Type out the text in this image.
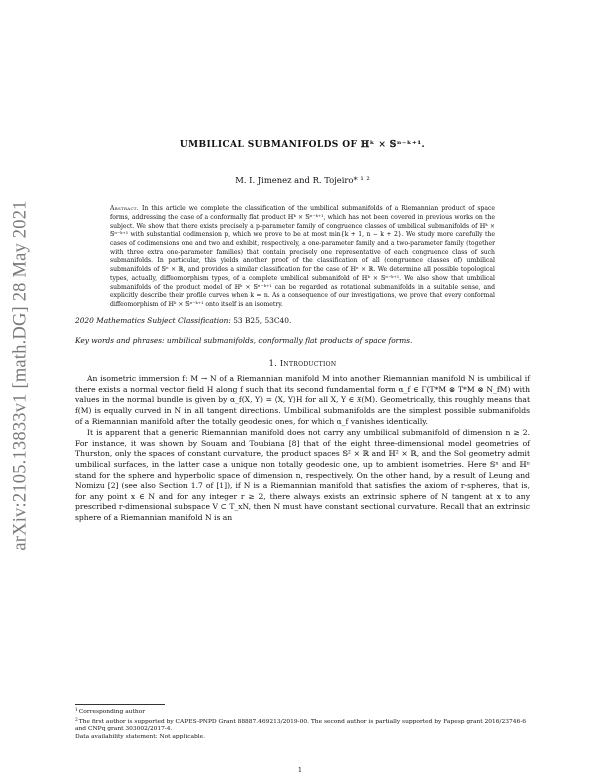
arXiv:2105.13833v1 [math.DG] 28 May 2021
UMBILICAL SUBMANIFOLDS OF ℍᵏ × 𝕊ⁿ⁻ᵏ⁺¹.
M. I. Jimenez and R. Tojeiro* ¹ ²
Abstract. In this article we complete the classification of the umbilical submanifolds of a Riemannian product of space forms, addressing the case of a conformally flat product ℍᵏ × 𝕊ⁿ⁻ᵏ⁺¹, which has not been covered in previous works on the subject. We show that there exists precisely a p-parameter family of congruence classes of umbilical submanifolds of ℍᵏ × 𝕊ⁿ⁻ᵏ⁺¹ with substantial codimension p, which we prove to be at most min{k + 1, n − k + 2}. We study more carefully the cases of codimensions one and two and exhibit, respectively, a one-parameter family and a two-parameter family (together with three extra one-parameter families) that contain precisely one representative of each congruence class of such submanifolds. In particular, this yields another proof of the classification of all (congruence classes of) umbilical submanifolds of 𝕊ⁿ × ℝ, and provides a similar classification for the case of ℍⁿ × ℝ. We determine all possible topological types, actually, diffeomorphism types, of a complete umbilical submanifold of ℍᵏ × 𝕊ⁿ⁻ᵏ⁺¹. We also show that umbilical submanifolds of the product model of ℍᵏ × 𝕊ⁿ⁻ᵏ⁺¹ can be regarded as rotational submanifolds in a suitable sense, and explicitly describe their profile curves when k = n. As a consequence of our investigations, we prove that every conformal diffeomorphism of ℍᵏ × 𝕊ⁿ⁻ᵏ⁺¹ onto itself is an isometry.

2020 Mathematics Subject Classification: 53 B25, 53C40.

Key words and phrases: umbilical submanifolds, conformally flat products of space forms.

1. Introduction

An isometric immersion f: M → N of a Riemannian manifold M into another Riemannian manifold N is umbilical if there exists a normal vector field H along f such that its second fundamental form α_f ∈ Γ(T*M ⊗ T*M ⊗ N_fM) with values in the normal bundle is given by α_f(X, Y) = ⟨X, Y⟩H for all X, Y ∈ 𝔛(M). Geometrically, this roughly means that f(M) is equally curved in N in all tangent directions. Umbilical submanifolds are the simplest possible submanifolds of a Riemannian manifold after the totally geodesic ones, for which α_f vanishes identically.

It is apparent that a generic Riemannian manifold does not carry any umbilical submanifold of dimension n ≥ 2. For instance, it was shown by Souam and Toubiana [8] that of the eight three-dimensional model geometries of Thurston, only the spaces of constant curvature, the product spaces 𝕊² × ℝ and ℍ² × ℝ, and the Sol geometry admit umbilical surfaces, in the latter case a unique non totally geodesic one, up to ambient isometries. Here 𝕊ⁿ and ℍⁿ stand for the sphere and hyperbolic space of dimension n, respectively. On the other hand, by a result of Leung and Nomizu [2] (see also Section 1.7 of [1]), if N is a Riemannian manifold that satisfies the axiom of r-spheres, that is, for any point x ∈ N and for any integer r ≥ 2, there always exists an extrinsic sphere of N tangent at x to any prescribed r-dimensional subspace V ⊂ T_xN, then N must have constant sectional curvature. Recall that an extrinsic sphere of a Riemannian manifold N is an

$^1$Corresponding author

$^2$The first author is supported by CAPES-PNPD Grant 88887.469213/2019-00. The second author is partially supported by Fapesp grant 2016/23746-6 and CNPq grant 303002/2017-4.

Data availability statement: Not applicable.

1
